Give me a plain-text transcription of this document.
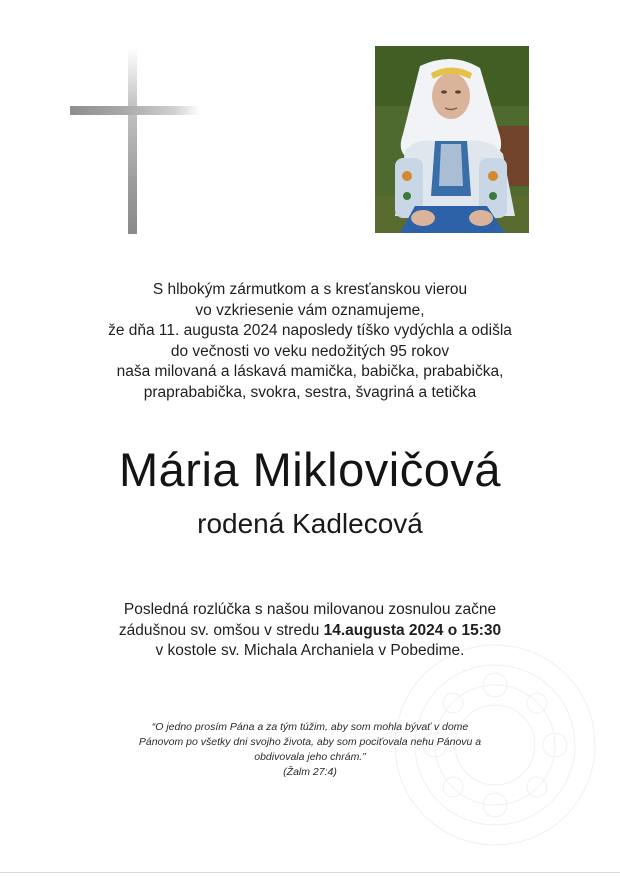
S hlbokým zármutkom a s kresťanskou vierou
vo vzkriesenie vám oznamujeme,
že dňa 11. augusta 2024 naposledy tíško vydýchla a odišla
do večnosti vo veku nedožitých 95 rokov
naša milovaná a láskavá mamička, babička, prababička,
praprababička, svokra, sestra, švagriná a tetička
Mária Miklovičová
rodená Kadlecová
Posledná rozlúčka s našou milovanou zosnulou začne
zádušnou sv. omšou v stredu 14.augusta 2024 o 15:30
v kostole sv. Michala Archaniela v Pobedime.
“O jedno prosím Pána a za tým túžim, aby som mohla bývať v dome
Pánovom po všetky dni svojho života, aby som pociťovala nehu Pánovu a
obdivovala jeho chrám.”
(Žalm 27:4)
